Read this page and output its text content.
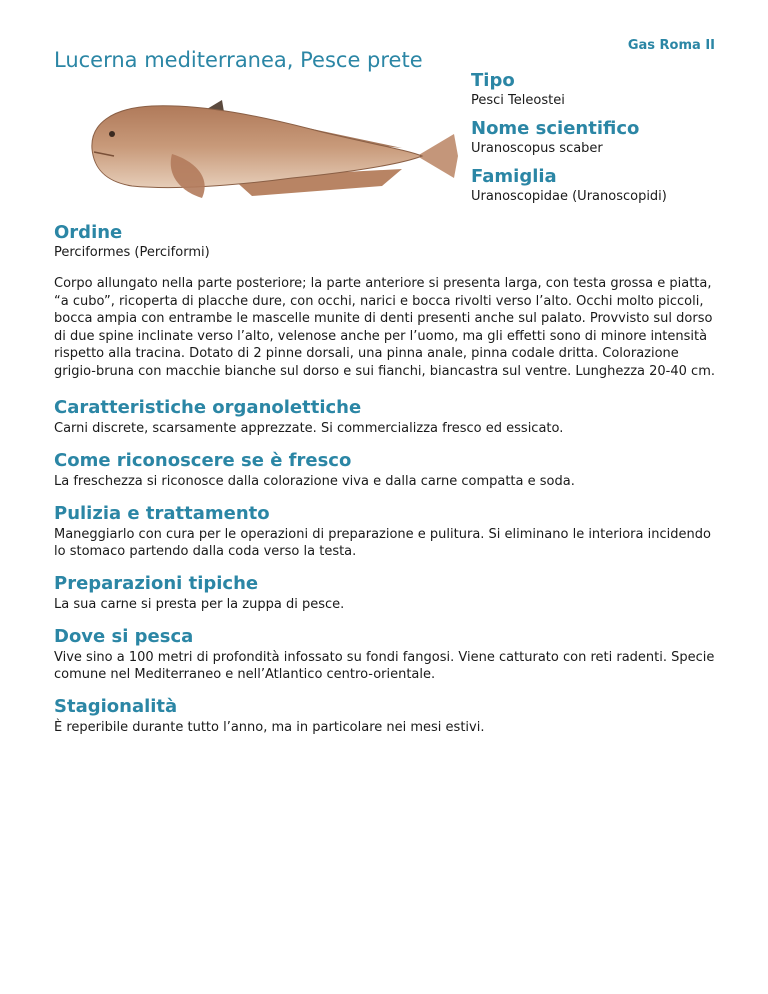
Gas Roma II
Lucerna mediterranea, Pesce prete
Tipo
Pesci Teleostei
Nome scientifico
Uranoscopus scaber
Famiglia
Uranoscopidae (Uranoscopidi)
Ordine
Perciformes (Perciformi)

Corpo allungato nella parte posteriore; la parte anteriore si presenta larga, con testa grossa e piatta, “a cubo”, ricoperta di placche dure, con occhi, narici e bocca rivolti verso l’alto. Occhi molto piccoli, bocca ampia con entrambe le mascelle munite di denti presenti anche sul palato. Provvisto sul dorso di due spine inclinate verso l’alto, velenose anche per l’uomo, ma gli effetti sono di minore intensità rispetto alla tracina. Dotato di 2 pinne dorsali, una pinna anale, pinna codale dritta. Colorazione grigio-bruna con macchie bianche sul dorso e sui fianchi, biancastra sul ventre. Lunghezza 20-40 cm.

Caratteristiche organolettiche
Carni discrete, scarsamente apprezzate. Si commercializza fresco ed essicato.
Come riconoscere se è fresco
La freschezza si riconosce dalla colorazione viva e dalla carne compatta e soda.
Pulizia e trattamento
Maneggiarlo con cura per le operazioni di preparazione e pulitura. Si eliminano le interiora incidendo lo stomaco partendo dalla coda verso la testa.
Preparazioni tipiche
La sua carne si presta per la zuppa di pesce.
Dove si pesca
Vive sino a 100 metri di profondità infossato su fondi fangosi. Viene catturato con reti radenti. Specie comune nel Mediterraneo e nell’Atlantico centro-orientale.
Stagionalità
È reperibile durante tutto l’anno, ma in particolare nei mesi estivi.
